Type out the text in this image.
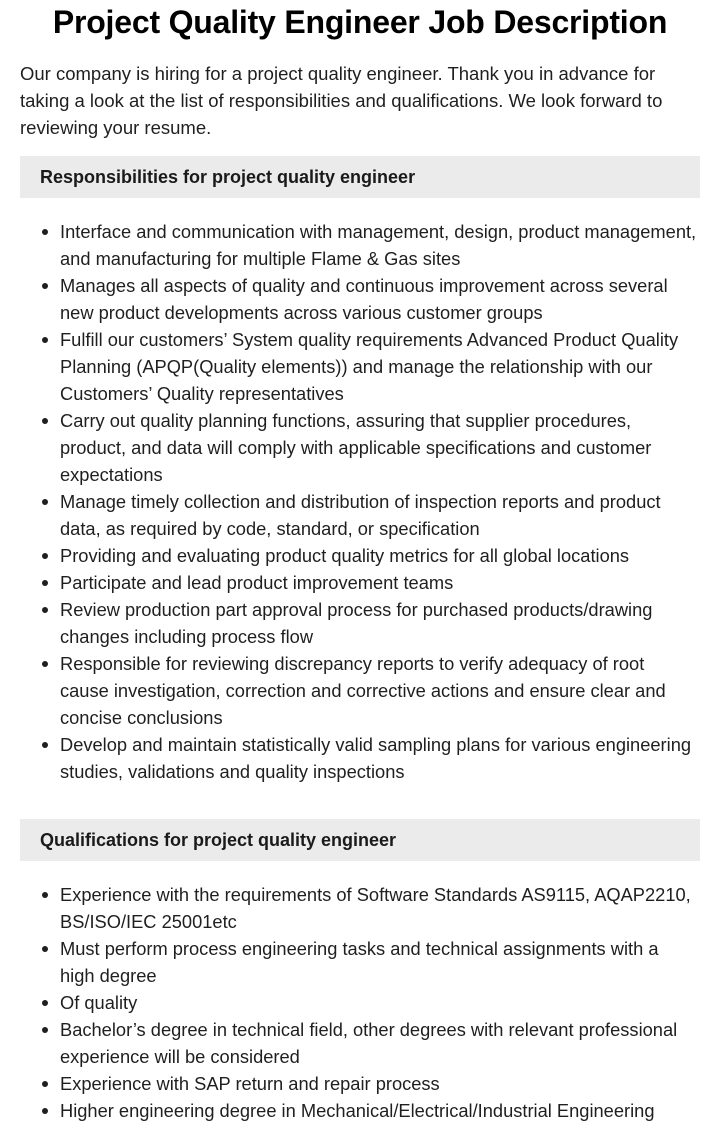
Project Quality Engineer Job Description

Our company is hiring for a project quality engineer. Thank you in advance for taking a look at the list of responsibilities and qualifications. We look forward to reviewing your resume.

Responsibilities for project quality engineer
Interface and communication with management, design, product management, and manufacturing for multiple Flame & Gas sites
Manages all aspects of quality and continuous improvement across several new product developments across various customer groups
Fulfill our customers’ System quality requirements Advanced Product Quality Planning (APQP(Quality elements)) and manage the relationship with our Customers’ Quality representatives
Carry out quality planning functions, assuring that supplier procedures, product, and data will comply with applicable specifications and customer expectations
Manage timely collection and distribution of inspection reports and product data, as required by code, standard, or specification
Providing and evaluating product quality metrics for all global locations
Participate and lead product improvement teams
Review production part approval process for purchased products/drawing changes including process flow
Responsible for reviewing discrepancy reports to verify adequacy of root cause investigation, correction and corrective actions and ensure clear and concise conclusions
Develop and maintain statistically valid sampling plans for various engineering studies, validations and quality inspections
Qualifications for project quality engineer
Experience with the requirements of Software Standards AS9115, AQAP2210, BS/ISO/IEC 25001etc
Must perform process engineering tasks and technical assignments with a high degree
Of quality
Bachelor’s degree in technical field, other degrees with relevant professional experience will be considered
Experience with SAP return and repair process
Higher engineering degree in Mechanical/Electrical/Industrial Engineering
